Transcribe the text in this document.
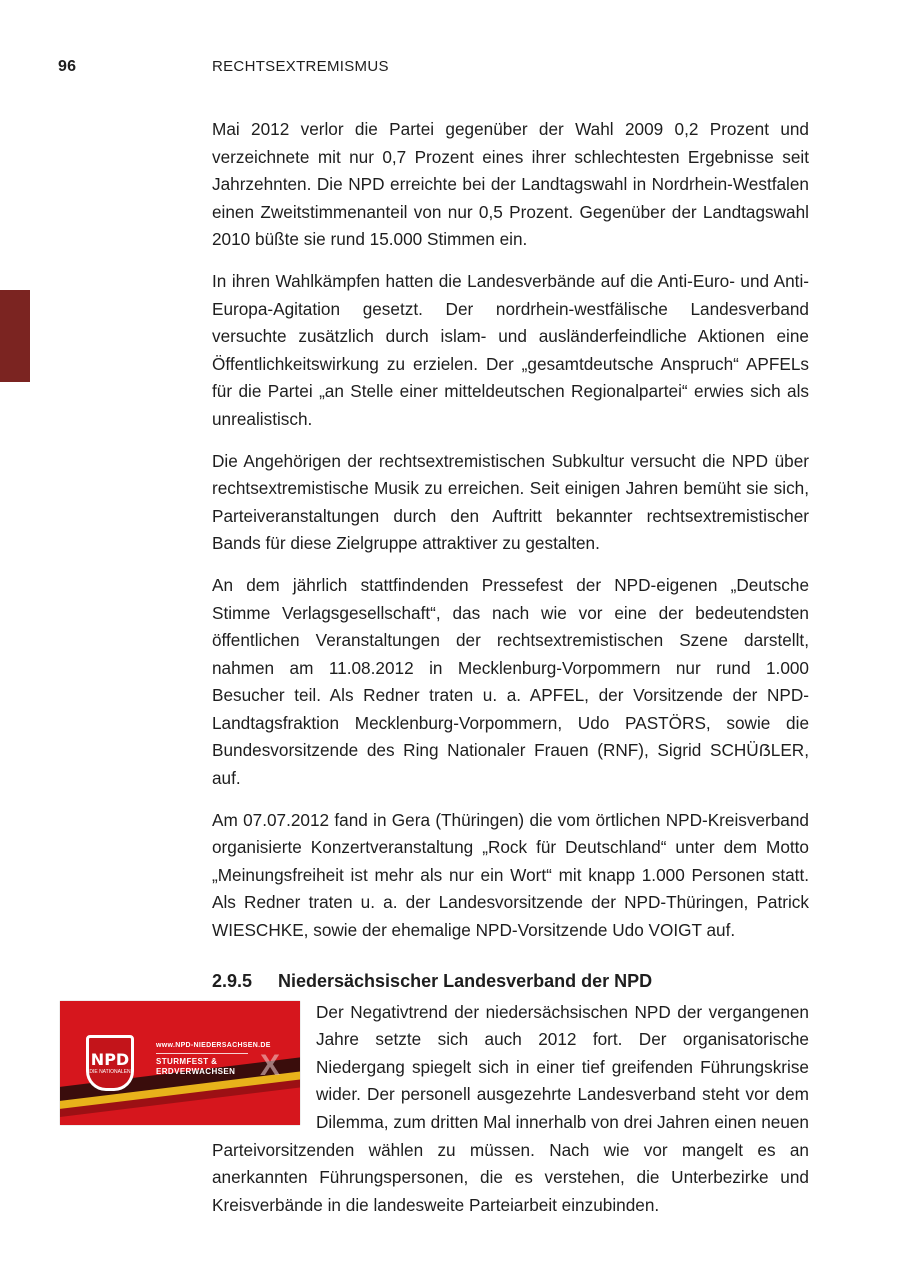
96	RECHTSEXTREMISMUS

Mai 2012 verlor die Partei gegenüber der Wahl 2009 0,2 Prozent und verzeichnete mit nur 0,7 Prozent eines ihrer schlechtesten Ergebnisse seit Jahrzehnten. Die NPD erreichte bei der Landtagswahl in Nordrhein-Westfalen einen Zweitstimmenanteil von nur 0,5 Prozent. Gegenüber der Landtagswahl 2010 büßte sie rund 15.000 Stimmen ein.

In ihren Wahlkämpfen hatten die Landesverbände auf die Anti-Euro- und Anti-Europa-Agitation gesetzt. Der nordrhein-westfälische Landesverband versuchte zusätzlich durch islam- und ausländerfeindliche Aktionen eine Öffentlichkeitswirkung zu erzielen. Der „gesamtdeutsche Anspruch“ APFELs für die Partei „an Stelle einer mitteldeutschen Regionalpartei“ erwies sich als unrealistisch.

Die Angehörigen der rechtsextremistischen Subkultur versucht die NPD über rechtsextremistische Musik zu erreichen. Seit einigen Jahren bemüht sie sich, Parteiveranstaltungen durch den Auftritt bekannter rechtsextremistischer Bands für diese Zielgruppe attraktiver zu gestalten.

An dem jährlich stattfindenden Pressefest der NPD-eigenen „Deutsche Stimme Verlagsgesellschaft“, das nach wie vor eine der bedeutendsten öffentlichen Veranstaltungen der rechtsextremistischen Szene darstellt, nahmen am 11.08.2012 in Mecklenburg-Vorpommern nur rund 1.000 Besucher teil. Als Redner traten u. a. APFEL, der Vorsitzende der NPD-Landtagsfraktion Mecklenburg-Vorpommern, Udo PASTÖRS, sowie die Bundesvorsitzende des Ring Nationaler Frauen (RNF), Sigrid SCHÜẞLER, auf.

Am 07.07.2012 fand in Gera (Thüringen) die vom örtlichen NPD-Kreisverband organisierte Konzertveranstaltung „Rock für Deutschland“ unter dem Motto „Meinungsfreiheit ist mehr als nur ein Wort“ mit knapp 1.000 Personen statt. Als Redner traten u. a. der Landesvorsitzende der NPD-Thüringen, Patrick WIESCHKE, sowie der ehemalige NPD-Vorsitzende Udo VOIGT auf.

2.9.5 Niedersächsischer Landesverband der NPD
NPD
DIE NATIONALEN
www.NPD-NIEDERSACHSEN.DE
STURMFEST &
ERDVERWACHSEN X

Der Negativtrend der niedersächsischen NPD der vergangenen Jahre setzte sich auch 2012 fort. Der organisatorische Niedergang spiegelt sich in einer tief greifenden Führungskrise wider. Der personell ausgezehrte Landesverband steht vor dem Dilemma, zum dritten Mal innerhalb von drei Jahren einen neuen Parteivorsitzenden wählen zu müssen. Nach wie vor mangelt es an anerkannten Führungspersonen, die es verstehen, die Unterbezirke und Kreisverbände in die landesweite Parteiarbeit einzubinden.
